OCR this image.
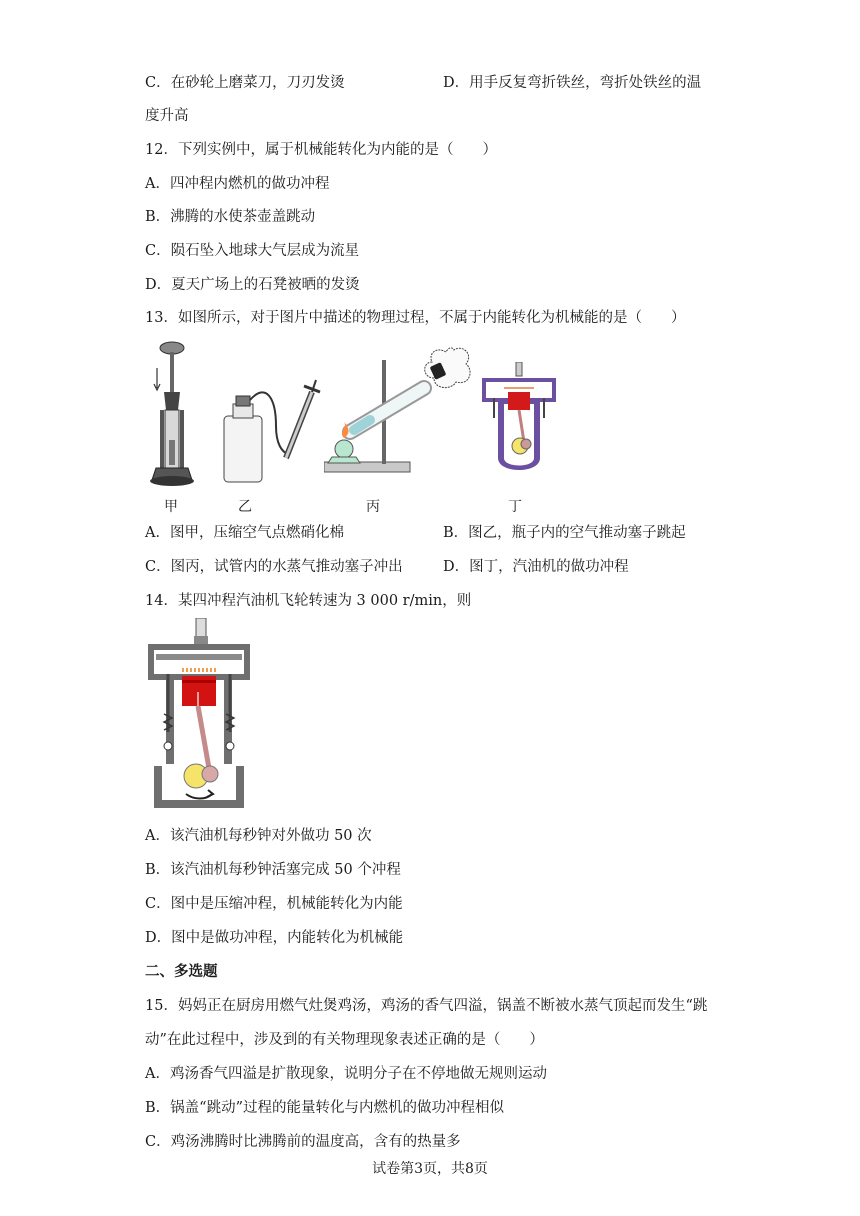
C．在砂轮上磨菜刀，刀刃发烫	D．用手反复弯折铁丝，弯折处铁丝的温
度升高
12．下列实例中，属于机械能转化为内能的是（　　）
A．四冲程内燃机的做功冲程
B．沸腾的水使茶壶盖跳动
C．陨石坠入地球大气层成为流星
D．夏天广场上的石凳被晒的发烫
13．如图所示，对于图片中描述的物理过程，不属于内能转化为机械能的是（　　）
甲	乙	丙	丁
A．图甲，压缩空气点燃硝化棉	B．图乙，瓶子内的空气推动塞子跳起
C．图丙，试管内的水蒸气推动塞子冲出	D．图丁，汽油机的做功冲程
14．某四冲程汽油机飞轮转速为 3 000 r/min，则
A．该汽油机每秒钟对外做功 50 次
B．该汽油机每秒钟活塞完成 50 个冲程
C．图中是压缩冲程，机械能转化为内能
D．图中是做功冲程，内能转化为机械能
二、多选题
15．妈妈正在厨房用燃气灶煲鸡汤，鸡汤的香气四溢，锅盖不断被水蒸气顶起而发生“跳
动”在此过程中，涉及到的有关物理现象表述正确的是（　　）
A．鸡汤香气四溢是扩散现象，说明分子在不停地做无规则运动
B．锅盖“跳动”过程的能量转化与内燃机的做功冲程相似
C．鸡汤沸腾时比沸腾前的温度高，含有的热量多
试卷第3页，共8页
